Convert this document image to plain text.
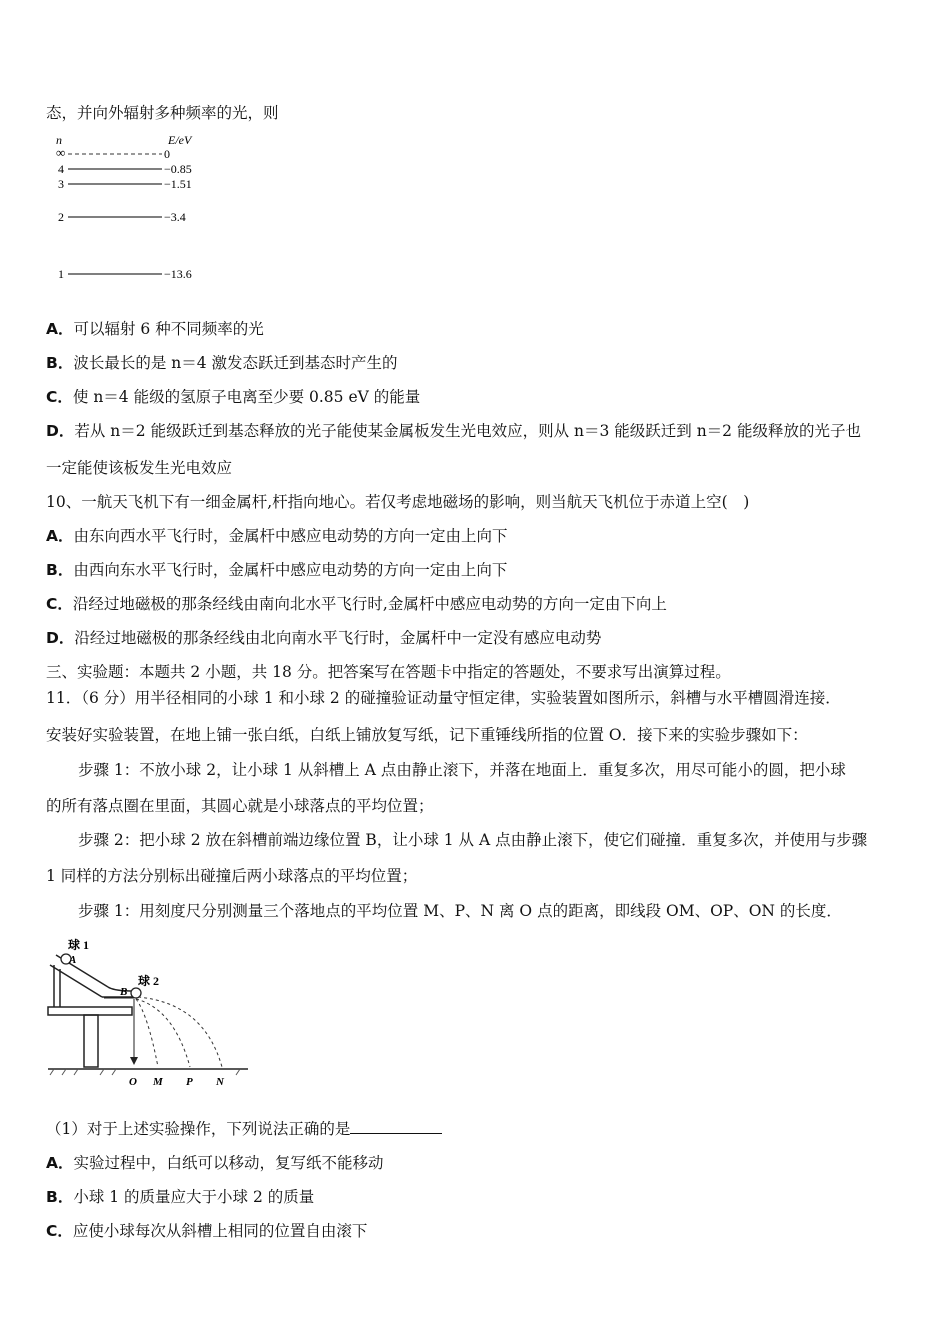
态，并向外辐射多种频率的光，则
n	E/eV
∞	0
4	−0.85
3	−1.51
2	−3.4
1	−13.6
A．可以辐射 6 种不同频率的光
B．波长最长的是 n＝4 激发态跃迁到基态时产生的
C．使 n＝4 能级的氢原子电离至少要 0.85 eV 的能量
D．若从 n＝2 能级跃迁到基态释放的光子能使某金属板发生光电效应，则从 n＝3 能级跃迁到 n＝2 能级释放的光子也
一定能使该板发生光电效应
10、一航天飞机下有一细金属杆,杆指向地心。若仅考虑地磁场的影响，则当航天飞机位于赤道上空(　)
A．由东向西水平飞行时，金属杆中感应电动势的方向一定由上向下
B．由西向东水平飞行时，金属杆中感应电动势的方向一定由上向下
C．沿经过地磁极的那条经线由南向北水平飞行时,金属杆中感应电动势的方向一定由下向上
D．沿经过地磁极的那条经线由北向南水平飞行时，金属杆中一定没有感应电动势
三、实验题：本题共 2 小题，共 18 分。把答案写在答题卡中指定的答题处，不要求写出演算过程。
11．（6 分）用半径相同的小球 1 和小球 2 的碰撞验证动量守恒定律，实验装置如图所示，斜槽与水平槽圆滑连接．
安装好实验装置，在地上铺一张白纸，白纸上铺放复写纸，记下重锤线所指的位置 O．接下来的实验步骤如下：
步骤 1：不放小球 2，让小球 1 从斜槽上 A 点由静止滚下，并落在地面上．重复多次，用尽可能小的圆，把小球
的所有落点圈在里面，其圆心就是小球落点的平均位置；
步骤 2：把小球 2 放在斜槽前端边缘位置 B，让小球 1 从 A 点由静止滚下，使它们碰撞．重复多次，并使用与步骤
1 同样的方法分别标出碰撞后两小球落点的平均位置；
步骤 1：用刻度尺分别测量三个落地点的平均位置 M、P、N 离 O 点的距离，即线段 OM、OP、ON 的长度．
球 1
A
球 2
B
O M P N
（1）对于上述实验操作，下列说法正确的是
A．实验过程中，白纸可以移动，复写纸不能移动
B．小球 1 的质量应大于小球 2 的质量
C．应使小球每次从斜槽上相同的位置自由滚下
